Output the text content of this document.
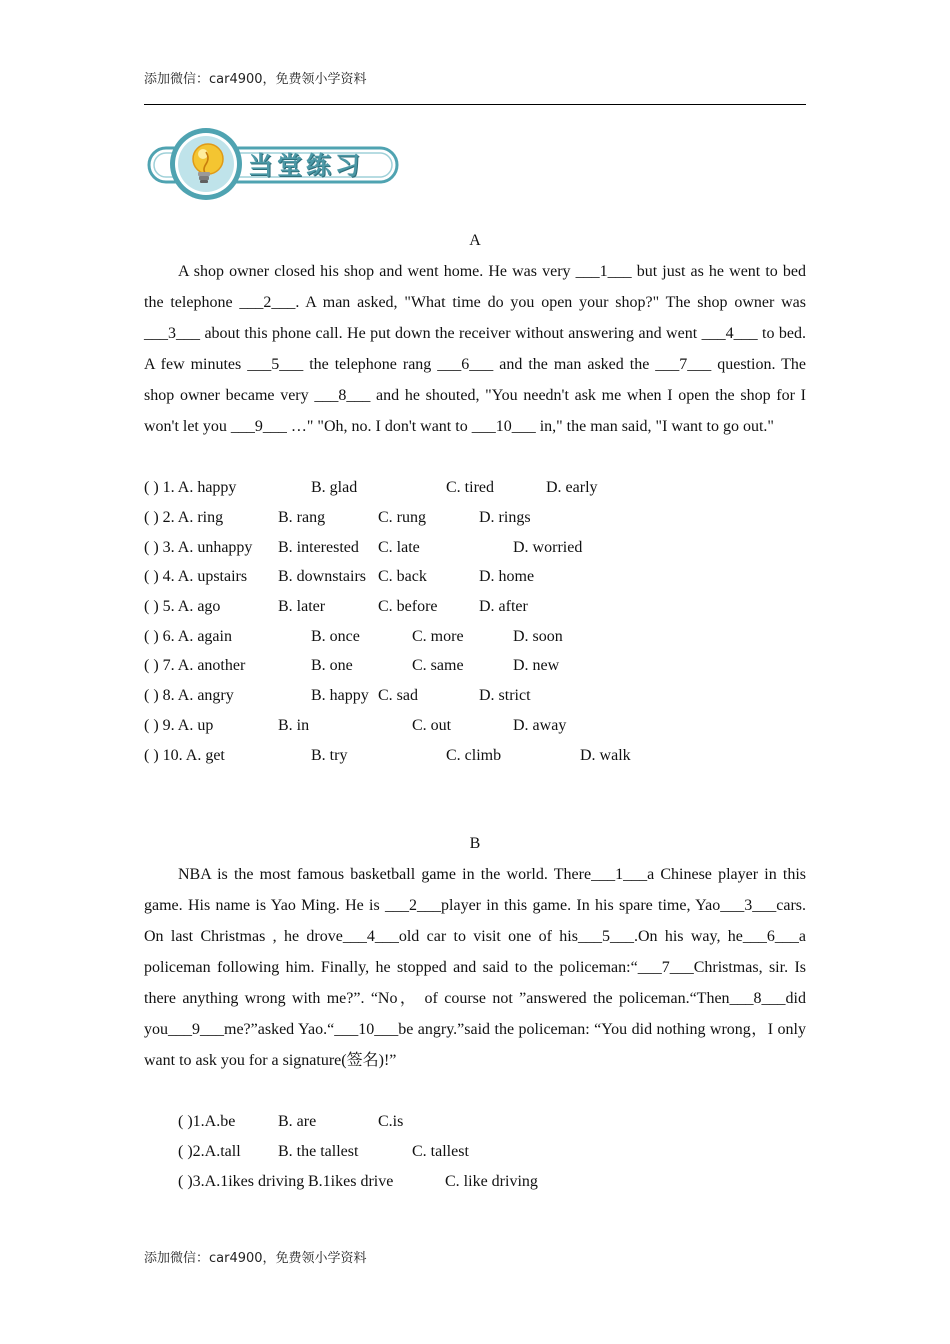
添加微信：car4900，免费领小学资料
当堂练习
A

A shop owner closed his shop and went home. He was very ___1___ but just as he went to bed the telephone ___2___. A man asked, "What time do you open your shop?" The shop owner was ___3___ about this phone call. He put down the receiver without answering and went ___4___ to bed. A few minutes ___5___ the telephone rang ___6___ and the man asked the ___7___ question. The shop owner became very ___8___ and he shouted, "You needn't ask me when I open the shop for I won't let you ___9___ …" "Oh, no. I don't want to ___10___ in," the man said, "I want to go out."

( ) 1. A. happy	B. glad	C. tired	D. early
( ) 2. A. ring	B. rang	C. rung	D. rings
( ) 3. A. unhappy B. interested C. late	D. worried
( ) 4. A. upstairs B. downstairs C. back	D. home
( ) 5. A. ago	B. later	C. before	D. after
( ) 6. A. again	B. once	C. more	D. soon
( ) 7. A. another	B. one	C. same	D. new
( ) 8. A. angry	B. happy C. sad	D. strict
( ) 9. A. up	B. in	C. out	D. away
( ) 10. A. get	B. try	C. climb	D. walk
B

NBA is the most famous basketball game in the world. There___1___a Chinese player in this game. His name is Yao Ming. He is ___2___player in this game. In his spare time, Yao___3___cars. On last Christmas , he drove___4___old car to visit one of his___5___.On his way, he___6___a policeman following him. Finally, he stopped and said to the policeman:“___7___Christmas, sir. Is there anything wrong with me?”. “No， of course not ”answered the policeman.“Then___8___did you___9___me?”asked Yao.“___10___be angry.”said the policeman: “You did nothing wrong，I only want to ask you for a signature(签名)!”

( )1.A.be	B. are	C.is
( )2.A.tall B. the tallest	C. tallest
( )3.A.1ikes driving B.1ikes drive	C. like driving
添加微信：car4900，免费领小学资料
